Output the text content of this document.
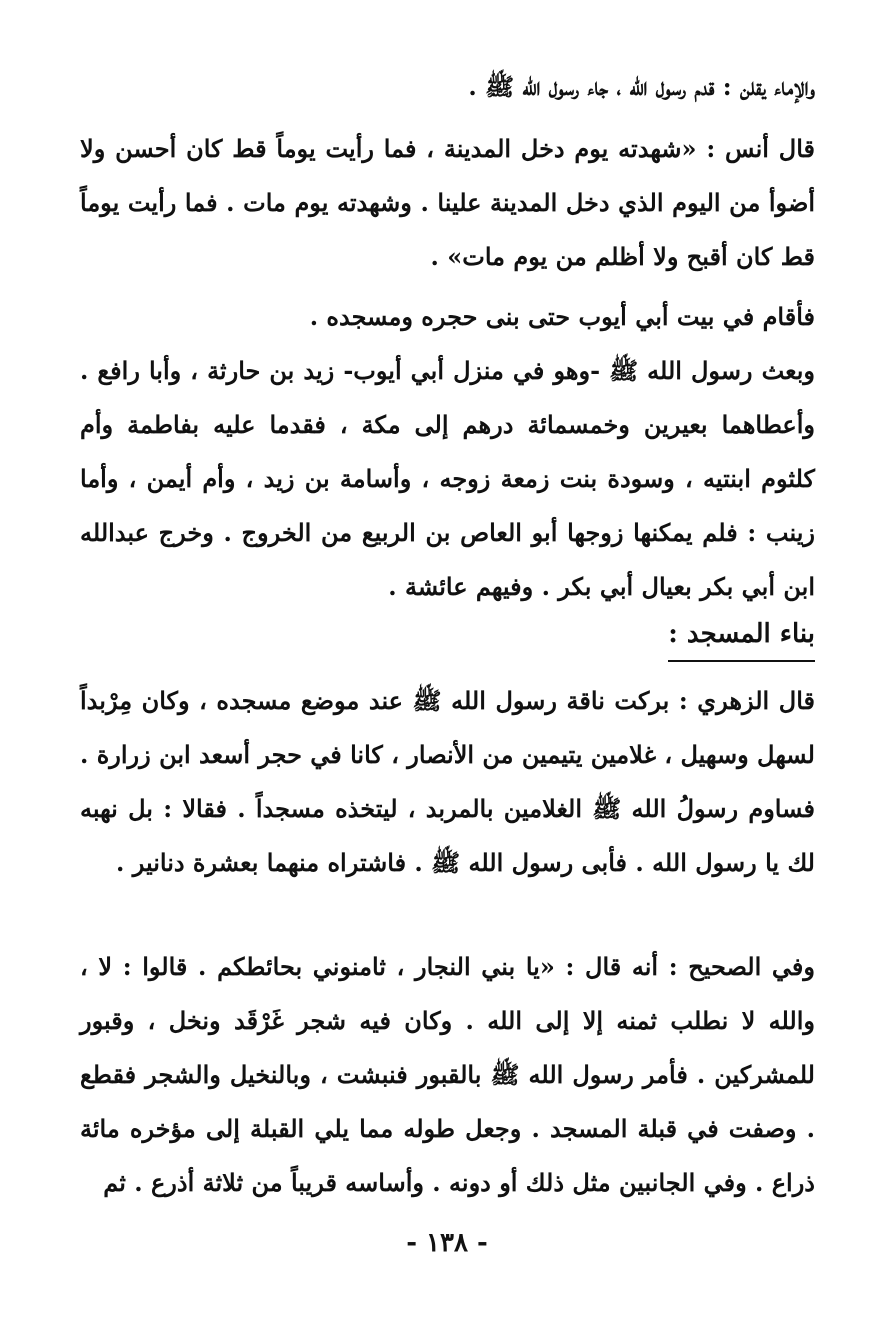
والإماء يقلن : قدم رسول الله ، جاء رسول الله ﷺ .

قال أنس : «شهدته يوم دخل المدينة ، فما رأيت يوماً قط كان أحسن ولا أضوأ من اليوم الذي دخل المدينة علينا . وشهدته يوم مات . فما رأيت يوماً قط كان أقبح ولا أظلم من يوم مات» .

فأقام في بيت أبي أيوب حتى بنى حجره ومسجده .

وبعث رسول الله ﷺ -وهو في منزل أبي أيوب- زيد بن حارثة ، وأبا رافع . وأعطاهما بعيرين وخمسمائة درهم إلى مكة ، فقدما عليه بفاطمة وأم كلثوم ابنتيه ، وسودة بنت زمعة زوجه ، وأسامة بن زيد ، وأم أيمن ، وأما زينب : فلم يمكنها زوجها أبو العاص بن الربيع من الخروج . وخرج عبدالله ابن أبي بكر بعيال أبي بكر . وفيهم عائشة .

بناء المسجد :

قال الزهري : بركت ناقة رسول الله ﷺ عند موضع مسجده ، وكان مِرْبداً لسهل وسهيل ، غلامين يتيمين من الأنصار ، كانا في حجر أسعد ابن زرارة . فساوم رسولُ الله ﷺ الغلامين بالمربد ، ليتخذه مسجداً . فقالا : بل نهبه لك يا رسول الله . فأبى رسول الله ﷺ . فاشتراه منهما بعشرة دنانير .

وفي الصحيح : أنه قال : «يا بني النجار ، ثامنوني بحائطكم . قالوا : لا ، والله لا نطلب ثمنه إلا إلى الله . وكان فيه شجر غَرْقَد ونخل ، وقبور للمشركين . فأمر رسول الله ﷺ بالقبور فنبشت ، وبالنخيل والشجر فقطع . وصفت في قبلة المسجد . وجعل طوله مما يلي القبلة إلى مؤخره مائة ذراع . وفي الجانبين مثل ذلك أو دونه . وأساسه قريباً من ثلاثة أذرع . ثم

- ١٣٨ -
